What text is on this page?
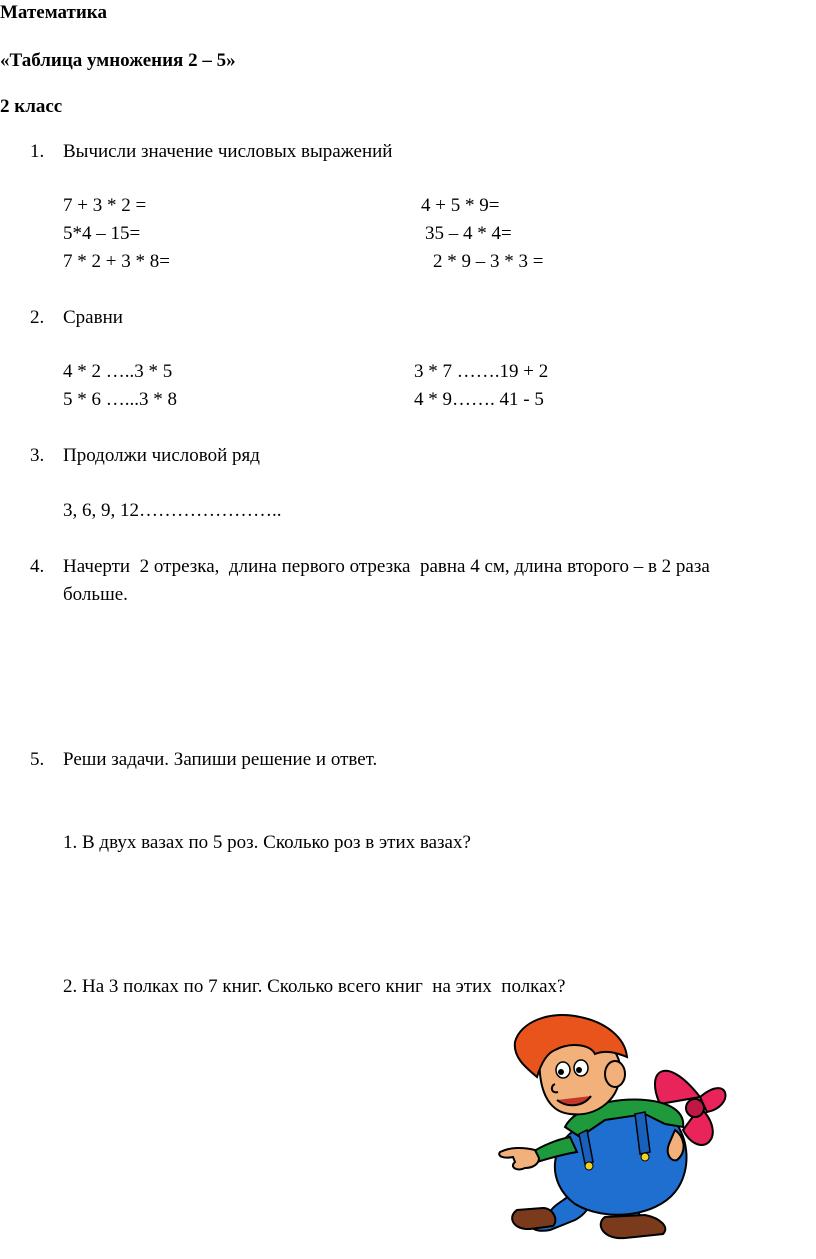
Математика
«Таблица умножения 2 – 5»
2 класс
1. Вычисли значение числовых выражений
7 + 3 * 2 =
5*4 – 15=
7 * 2 + 3 * 8=
4 + 5 * 9=
35 – 4 * 4=
2 * 9 – 3 * 3 =
2. Сравни
4 * 2 …..3 * 5
5 * 6 …...3 * 8
3 * 7 …….19 + 2
4 * 9……. 41 - 5
3. Продолжи числовой ряд
3, 6, 9, 12…………………..
4. Начерти  2 отрезка,  длина первого отрезка  равна 4 см, длина второго – в 2 раза
больше.
5. Реши задачи. Запиши решение и ответ.
1. В двух вазах по 5 роз. Сколько роз в этих вазах?
2. На 3 полках по 7 книг. Сколько всего книг  на этих  полках?
